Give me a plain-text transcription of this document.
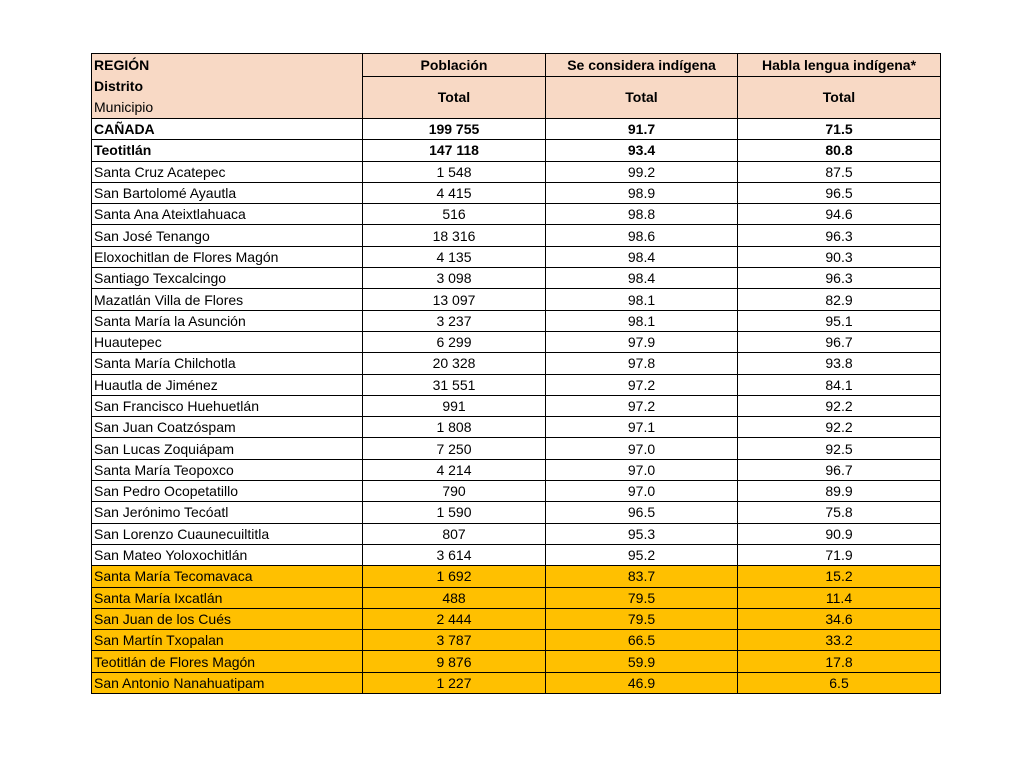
REGIÓN
Distrito
Municipio	Población	Se considera indígena	Habla lengua indígena*
	Total	Total	Total
CAÑADA	199 755	91.7	71.5
Teotitlán	147 118	93.4	80.8
Santa Cruz Acatepec	1 548	99.2	87.5
San Bartolomé Ayautla	4 415	98.9	96.5
Santa Ana Ateixtlahuaca	516	98.8	94.6
San José Tenango	18 316	98.6	96.3
Eloxochitlan de Flores Magón	4 135	98.4	90.3
Santiago Texcalcingo	3 098	98.4	96.3
Mazatlán Villa de Flores	13 097	98.1	82.9
Santa María la Asunción	3 237	98.1	95.1
Huautepec	6 299	97.9	96.7
Santa María Chilchotla	20 328	97.8	93.8
Huautla de Jiménez	31 551	97.2	84.1
San Francisco Huehuetlán	991	97.2	92.2
San Juan Coatzóspam	1 808	97.1	92.2
San Lucas Zoquiápam	7 250	97.0	92.5
Santa María Teopoxco	4 214	97.0	96.7
San Pedro Ocopetatillo	790	97.0	89.9
San Jerónimo Tecóatl	1 590	96.5	75.8
San Lorenzo Cuaunecuiltitla	807	95.3	90.9
San Mateo Yoloxochitlán	3 614	95.2	71.9
Santa María Tecomavaca	1 692	83.7	15.2
Santa María Ixcatlán	488	79.5	11.4
San Juan de los Cués	2 444	79.5	34.6
San Martín Txopalan	3 787	66.5	33.2
Teotitlán de Flores Magón	9 876	59.9	17.8
San Antonio Nanahuatipam	1 227	46.9	6.5
